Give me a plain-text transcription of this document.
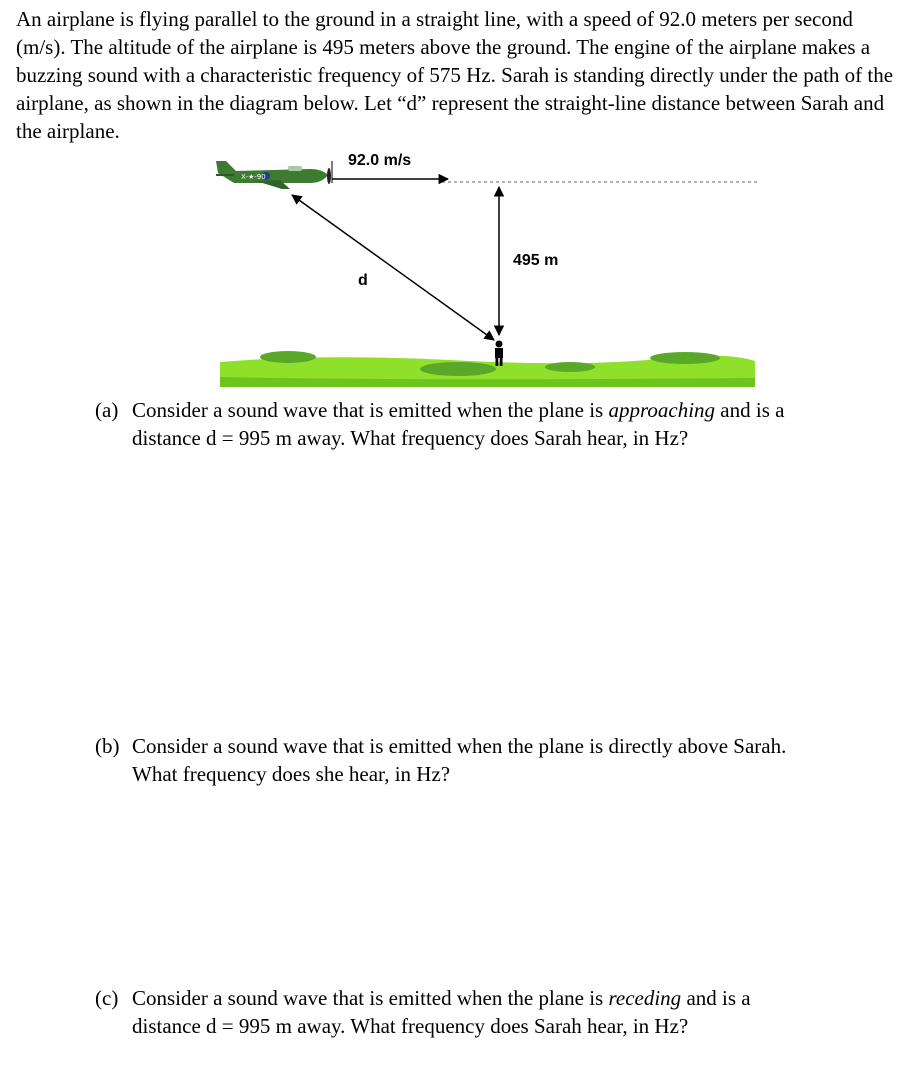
An airplane is flying parallel to the ground in a straight line, with a speed of 92.0 meters per second (m/s). The altitude of the airplane is 495 meters above the ground. The engine of the airplane makes a buzzing sound with a characteristic frequency of 575 Hz. Sarah is standing directly under the path of the airplane, as shown in the diagram below. Let “d” represent the straight-line distance between Sarah and the airplane.

92.0 m/s
495 m
d
X-★-90

(a) Consider a sound wave that is emitted when the plane is approaching and is a
distance d = 995 m away. What frequency does Sarah hear, in Hz?

(b) Consider a sound wave that is emitted when the plane is directly above Sarah.
What frequency does she hear, in Hz?

(c) Consider a sound wave that is emitted when the plane is receding and is a
distance d = 995 m away. What frequency does Sarah hear, in Hz?
